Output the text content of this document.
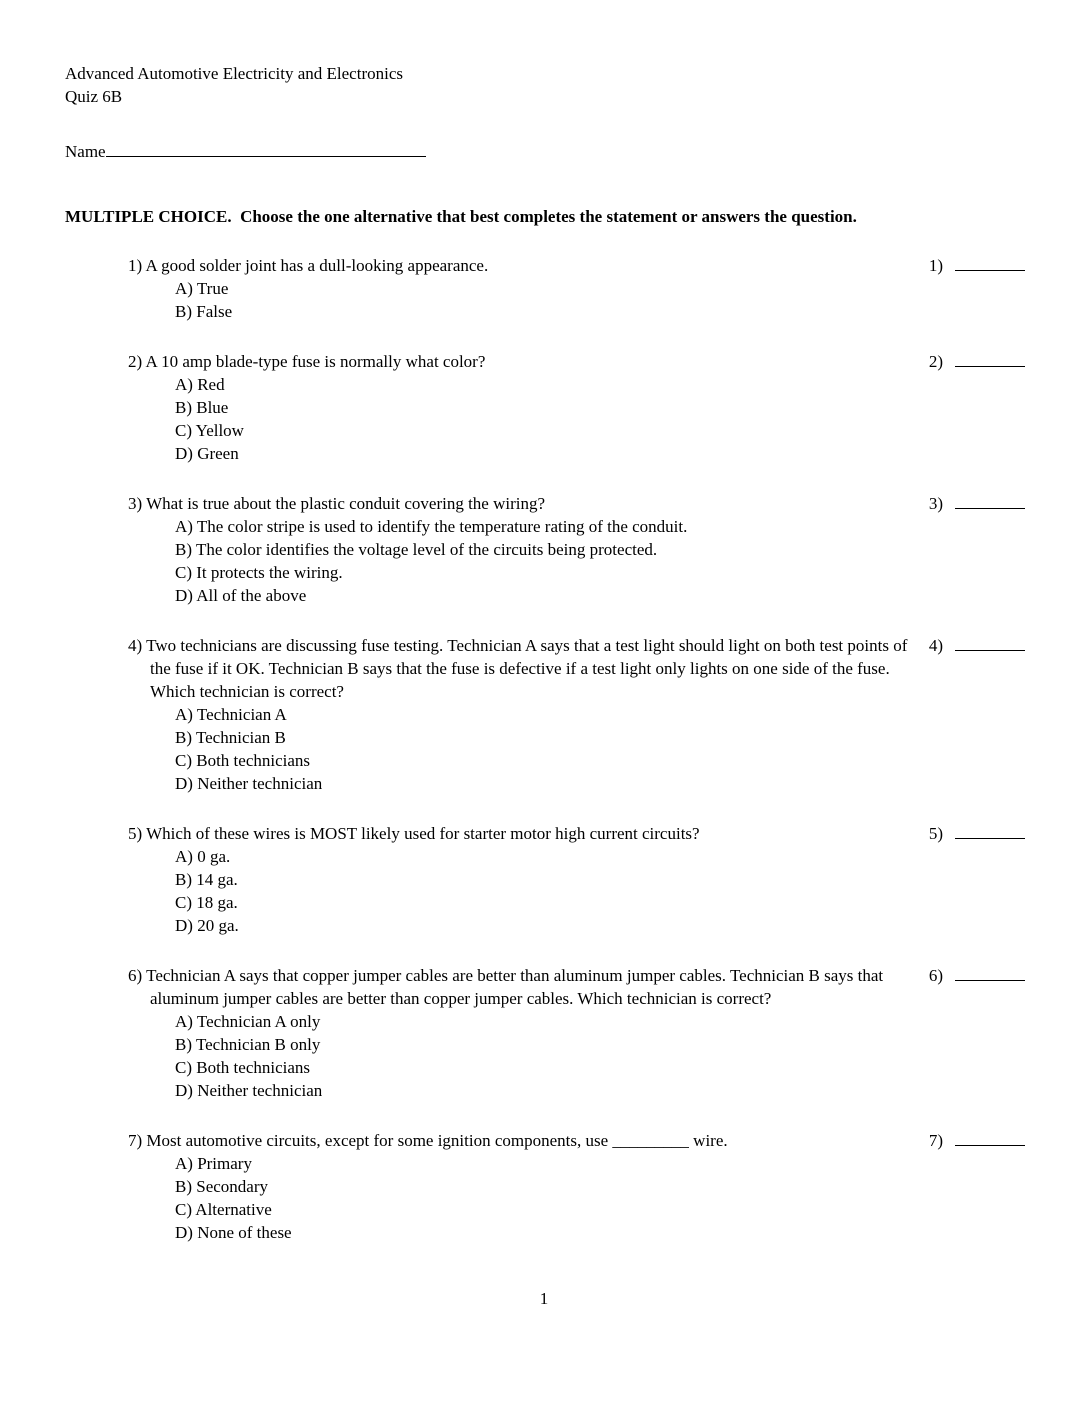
Advanced Automotive Electricity and Electronics
Quiz 6B
Name
MULTIPLE CHOICE.  Choose the one alternative that best completes the statement or answers the question.
1) A good solder joint has a dull-looking appearance.
A) True
B) False
1)
2) A 10 amp blade-type fuse is normally what color?
A) Red
B) Blue
C) Yellow
D) Green
2)
3) What is true about the plastic conduit covering the wiring?
A) The color stripe is used to identify the temperature rating of the conduit.
B) The color identifies the voltage level of the circuits being protected.
C) It protects the wiring.
D) All of the above
3)
4) Two technicians are discussing fuse testing. Technician A says that a test light should light on both test points of the fuse if it OK. Technician B says that the fuse is defective if a test light only lights on one side of the fuse. Which technician is correct?
A) Technician A
B) Technician B
C) Both technicians
D) Neither technician
4)
5) Which of these wires is MOST likely used for starter motor high current circuits?
A) 0 ga.
B) 14 ga.
C) 18 ga.
D) 20 ga.
5)
6) Technician A says that copper jumper cables are better than aluminum jumper cables. Technician B says that aluminum jumper cables are better than copper jumper cables. Which technician is correct?
A) Technician A only
B) Technician B only
C) Both technicians
D) Neither technician
6)
7) Most automotive circuits, except for some ignition components, use _________ wire.
A) Primary
B) Secondary
C) Alternative
D) None of these
7)
1
